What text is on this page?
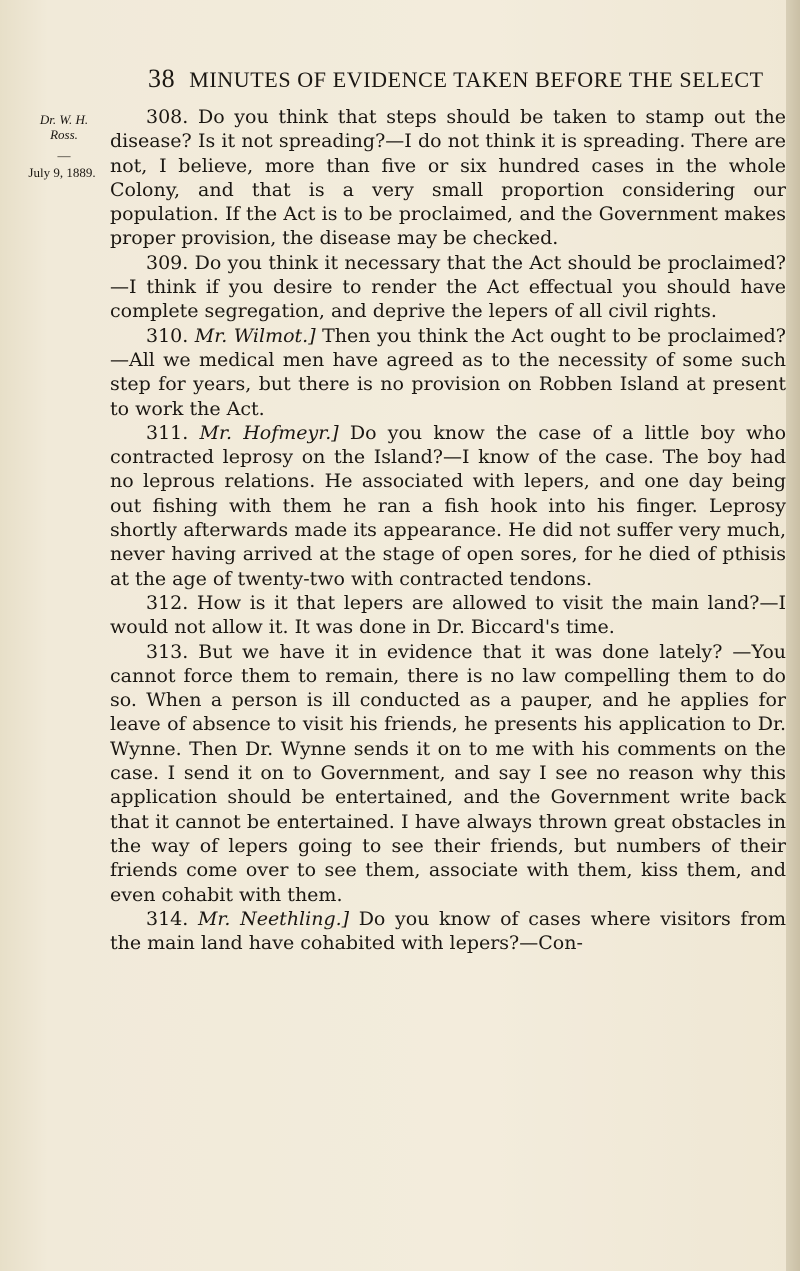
38 MINUTES OF EVIDENCE TAKEN BEFORE THE SELECT
Dr. W. H. Ross.
—
July 9, 1889.

308. Do you think that steps should be taken to stamp out the disease? Is it not spreading?—I do not think it is spreading. There are not, I believe, more than five or six hundred cases in the whole Colony, and that is a very small proportion considering our population. If the Act is to be proclaimed, and the Government makes proper provision, the disease may be checked.

309. Do you think it necessary that the Act should be proclaimed?—I think if you desire to render the Act effectual you should have complete segregation, and deprive the lepers of all civil rights.

310. Mr. Wilmot.] Then you think the Act ought to be proclaimed?—All we medical men have agreed as to the necessity of some such step for years, but there is no provision on Robben Island at present to work the Act.

311. Mr. Hofmeyr.] Do you know the case of a little boy who contracted leprosy on the Island?—I know of the case. The boy had no leprous relations. He associated with lepers, and one day being out fishing with them he ran a fish hook into his finger. Leprosy shortly afterwards made its appearance. He did not suffer very much, never having arrived at the stage of open sores, for he died of pthisis at the age of twenty-two with contracted tendons.

312. How is it that lepers are allowed to visit the main land?—I would not allow it. It was done in Dr. Biccard's time.

313. But we have it in evidence that it was done lately? —You cannot force them to remain, there is no law compelling them to do so. When a person is ill conducted as a pauper, and he applies for leave of absence to visit his friends, he presents his application to Dr. Wynne. Then Dr. Wynne sends it on to me with his comments on the case. I send it on to Government, and say I see no reason why this application should be entertained, and the Government write back that it cannot be entertained. I have always thrown great obstacles in the way of lepers going to see their friends, but numbers of their friends come over to see them, associate with them, kiss them, and even cohabit with them.

314. Mr. Neethling.] Do you know of cases where visitors from the main land have cohabited with lepers?—Con-
